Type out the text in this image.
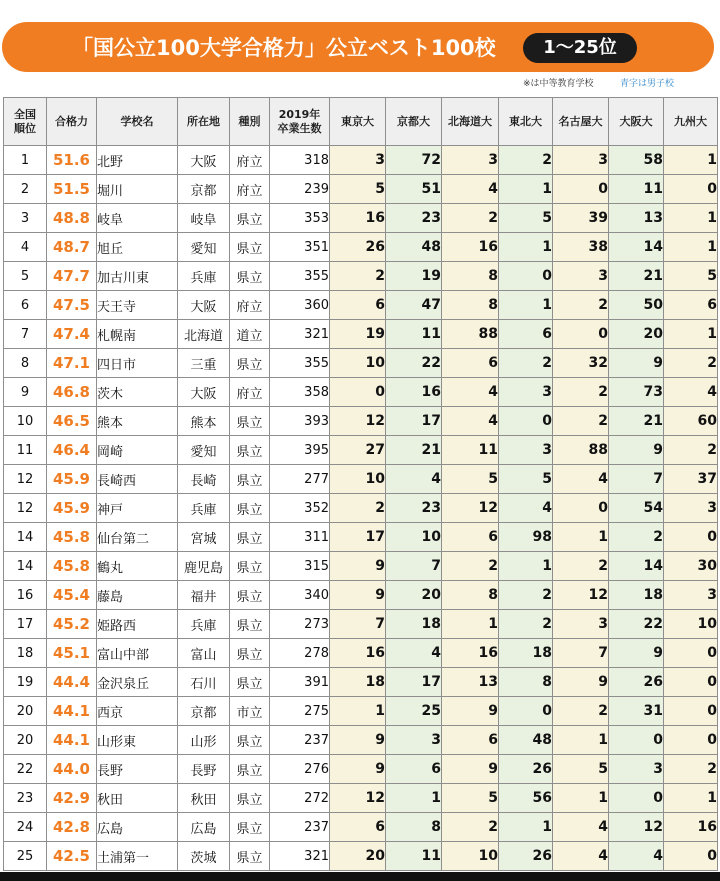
「国公立100大学合格力」公立ベスト100校	1～25位
※は中等教育学校	青字は男子校
全国
順位	合格力	学校名	所在地	種別	2019年
卒業生数	東京大	京都大	北海道大	東北大	名古屋大	大阪大	九州大
1	51.6	北野	大阪	府立	318	3	72	3	2	3	58	1
2	51.5	堀川	京都	府立	239	5	51	4	1	0	11	0
3	48.8	岐阜	岐阜	県立	353	16	23	2	5	39	13	1
4	48.7	旭丘	愛知	県立	351	26	48	16	1	38	14	1
5	47.7	加古川東	兵庫	県立	355	2	19	8	0	3	21	5
6	47.5	天王寺	大阪	府立	360	6	47	8	1	2	50	6
7	47.4	札幌南	北海道	道立	321	19	11	88	6	0	20	1
8	47.1	四日市	三重	県立	355	10	22	6	2	32	9	2
9	46.8	茨木	大阪	府立	358	0	16	4	3	2	73	4
10	46.5	熊本	熊本	県立	393	12	17	4	0	2	21	60
11	46.4	岡崎	愛知	県立	395	27	21	11	3	88	9	2
12	45.9	長崎西	長崎	県立	277	10	4	5	5	4	7	37
12	45.9	神戸	兵庫	県立	352	2	23	12	4	0	54	3
14	45.8	仙台第二	宮城	県立	311	17	10	6	98	1	2	0
14	45.8	鶴丸	鹿児島	県立	315	9	7	2	1	2	14	30
16	45.4	藤島	福井	県立	340	9	20	8	2	12	18	3
17	45.2	姫路西	兵庫	県立	273	7	18	1	2	3	22	10
18	45.1	富山中部	富山	県立	278	16	4	16	18	7	9	0
19	44.4	金沢泉丘	石川	県立	391	18	17	13	8	9	26	0
20	44.1	西京	京都	市立	275	1	25	9	0	2	31	0
20	44.1	山形東	山形	県立	237	9	3	6	48	1	0	0
22	44.0	長野	長野	県立	276	9	6	9	26	5	3	2
23	42.9	秋田	秋田	県立	272	12	1	5	56	1	0	1
24	42.8	広島	広島	県立	237	6	8	2	1	4	12	16
25	42.5	土浦第一	茨城	県立	321	20	11	10	26	4	4	0
